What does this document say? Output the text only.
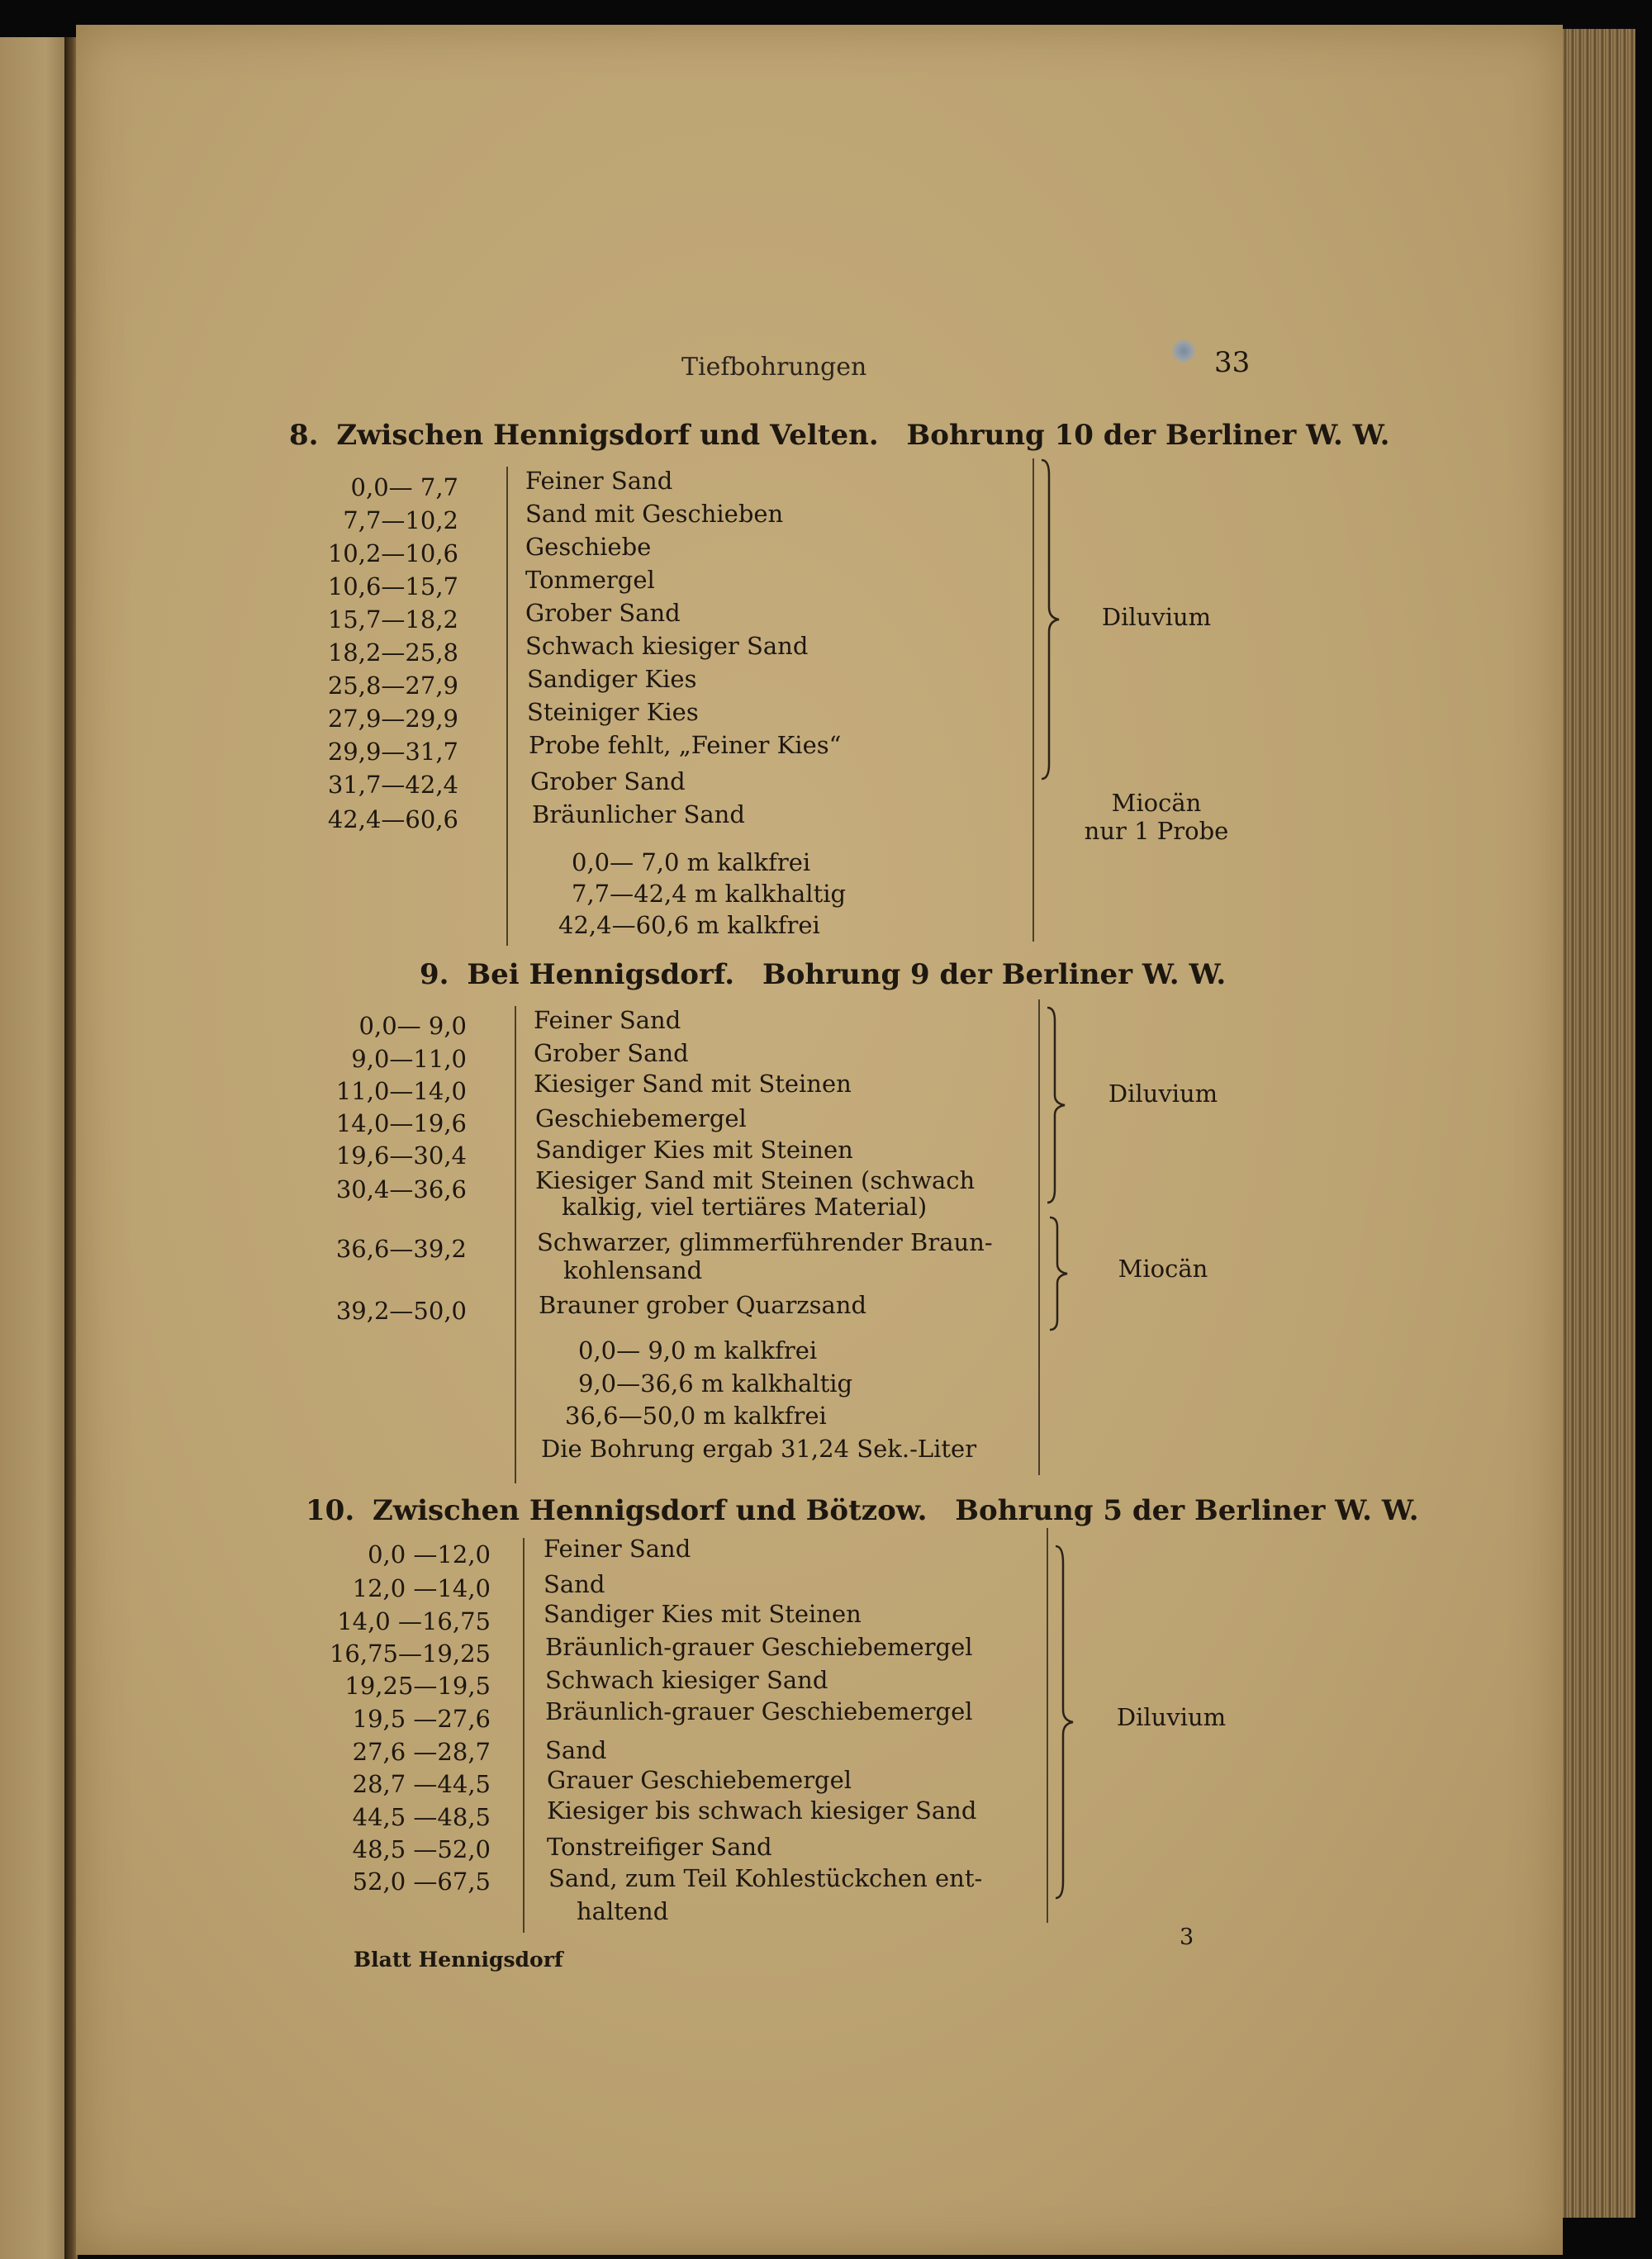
Tiefbohrungen	33
8. Zwischen Hennigsdorf und Velten. Bohrung 10 der Berliner W. W.
0,0— 7,7	Feiner Sand
7,7—10,2	Sand mit Geschieben
10,2—10,6	Geschiebe
10,6—15,7	Tonmergel
15,7—18,2	Grober Sand
18,2—25,8	Schwach kiesiger Sand
25,8—27,9	Sandiger Kies
27,9—29,9	Steiniger Kies
29,9—31,7	Probe fehlt, „Feiner Kies“
31,7—42,4	Grober Sand
42,4—60,6	Bräunlicher Sand
0,0— 7,0 m kalkfrei
7,7—42,4 m kalkhaltig
42,4—60,6 m kalkfrei
Diluvium
Miocän
nur 1 Probe
9. Bei Hennigsdorf. Bohrung 9 der Berliner W. W.
0,0— 9,0	Feiner Sand
9,0—11,0	Grober Sand
11,0—14,0	Kiesiger Sand mit Steinen
14,0—19,6	Geschiebemergel
19,6—30,4	Sandiger Kies mit Steinen
30,4—36,6	Kiesiger Sand mit Steinen (schwach
kalkig, viel tertiäres Material)
36,6—39,2	Schwarzer, glimmerführender Braun-
kohlensand
39,2—50,0	Brauner grober Quarzsand
0,0— 9,0 m kalkfrei
9,0—36,6 m kalkhaltig
36,6—50,0 m kalkfrei
Die Bohrung ergab 31,24 Sek.-Liter
Diluvium
Miocän
10. Zwischen Hennigsdorf und Bötzow. Bohrung 5 der Berliner W. W.
0,0 —12,0 Feiner Sand
12,0 —14,0 Sand
14,0 —16,75 Sandiger Kies mit Steinen
16,75—19,25 Bräunlich-grauer Geschiebemergel
19,25—19,5 Schwach kiesiger Sand
19,5 —27,6 Bräunlich-grauer Geschiebemergel
27,6 —28,7 Sand
28,7 —44,5 Grauer Geschiebemergel
44,5 —48,5 Kiesiger bis schwach kiesiger Sand
48,5 —52,0 Tonstreifiger Sand
52,0 —67,5 Sand, zum Teil Kohlestückchen ent-
haltend
Diluvium
Blatt Hennigsdorf
3
